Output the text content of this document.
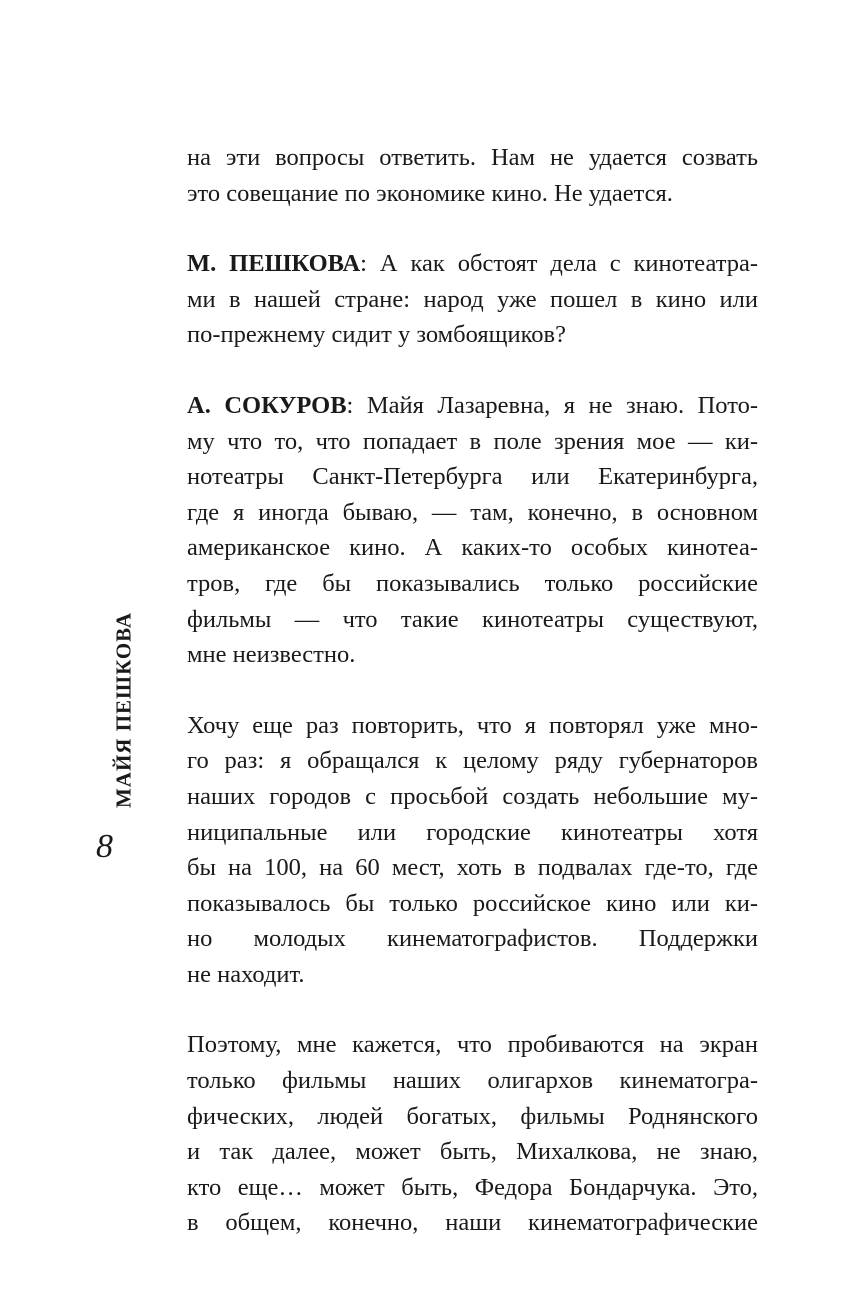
МАЙЯ ПЕШКОВА
8
на эти вопросы ответить. Нам не удается созвать
это совещание по экономике кино. Не удается.
М. ПЕШКОВА: А как обстоят дела с кинотеатра-
ми в нашей стране: народ уже пошел в кино или
по-прежнему сидит у зомбоящиков?
А. СОКУРОВ: Майя Лазаревна, я не знаю. Пото-
му что то, что попадает в поле зрения мое — ки-
нотеатры Санкт-Петербурга или Екатеринбурга,
где я иногда бываю, — там, конечно, в основном
американское кино. А каких-то особых кинотеа-
тров, где бы показывались только российские
фильмы — что такие кинотеатры существуют,
мне неизвестно.
Хочу еще раз повторить, что я повторял уже мно-
го раз: я обращался к целому ряду губернаторов
наших городов с просьбой создать небольшие му-
ниципальные или городские кинотеатры хотя
бы на 100, на 60 мест, хоть в подвалах где-то, где
показывалось бы только российское кино или ки-
но молодых кинематографистов. Поддержки
не находит.
Поэтому, мне кажется, что пробиваются на экран
только фильмы наших олигархов кинематогра-
фических, людей богатых, фильмы Роднянского
и так далее, может быть, Михалкова, не знаю,
кто еще… может быть, Федора Бондарчука. Это,
в общем, конечно, наши кинематографические
